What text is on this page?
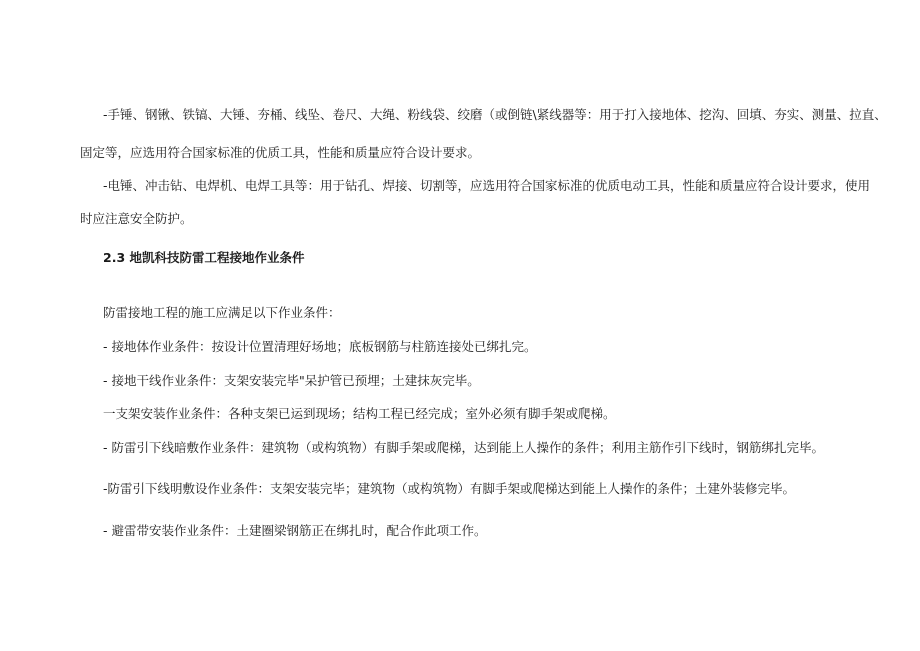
-手锤、钢锹、铁镐、大锤、夯桶、线坠、卷尺、大绳、粉线袋、绞磨（或倒链\紧线器等：用于打入接地体、挖沟、回填、夯实、测量、拉直、
固定等，应选用符合国家标准的优质工具，性能和质量应符合设计要求。
-电锤、冲击钻、电焊机、电焊工具等：用于钻孔、焊接、切割等，应选用符合国家标准的优质电动工具，性能和质量应符合设计要求，使用
时应注意安全防护。
2.3 地凯科技防雷工程接地作业条件
防雷接地工程的施工应满足以下作业条件：
- 接地体作业条件：按设计位置清理好场地；底板钢筋与柱筋连接处已绑扎完。
- 接地干线作业条件：支架安装完毕"呆护管已预埋；土建抹灰完毕。
一支架安装作业条件：各种支架已运到现场；结构工程已经完成；室外必须有脚手架或爬梯。
- 防雷引下线暗敷作业条件：建筑物（或构筑物）有脚手架或爬梯，达到能上人操作的条件；利用主筋作引下线时，钢筋绑扎完毕。
-防雷引下线明敷设作业条件：支架安装完毕；建筑物（或构筑物）有脚手架或爬梯达到能上人操作的条件；土建外装修完毕。
- 避雷带安装作业条件：土建圈梁钢筋正在绑扎时，配合作此项工作。
